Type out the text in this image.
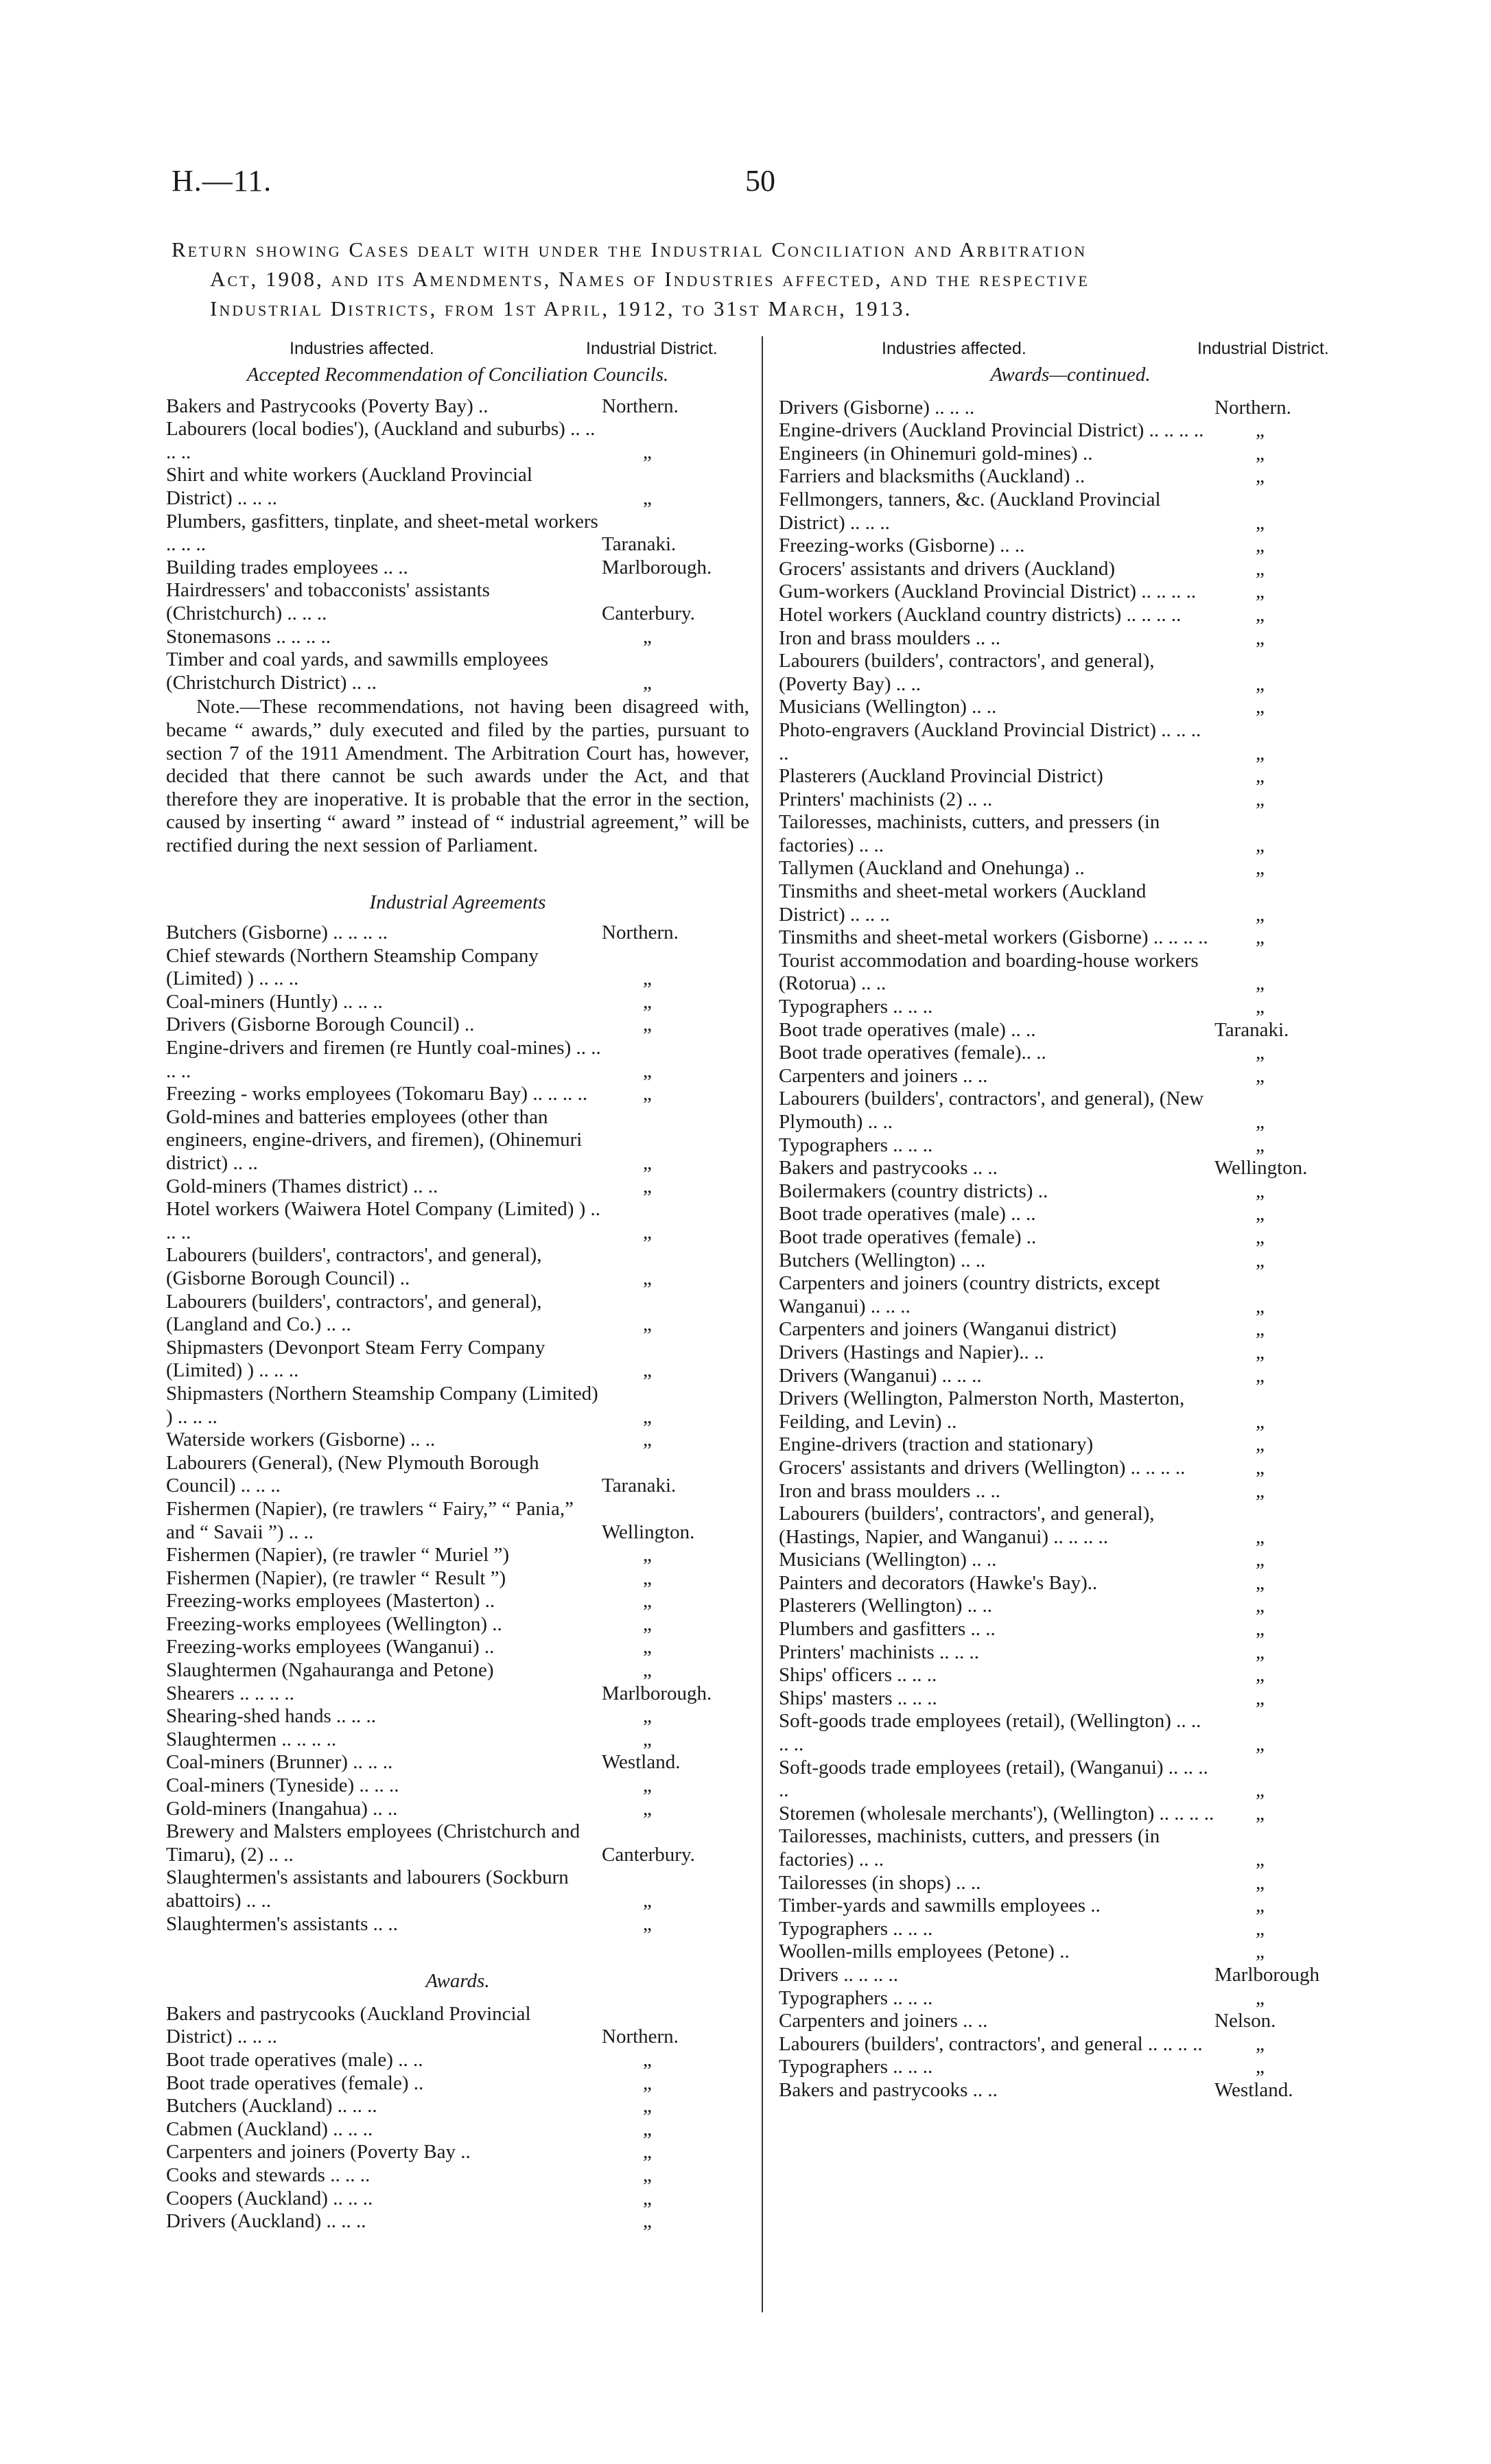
H.—11.	50
Return showing Cases dealt with under the Industrial Conciliation and Arbitration
Act, 1908, and its Amendments, Names of Industries affected, and the respective
Industrial Districts, from 1st April, 1912, to 31st March, 1913.
Industries affected.	Industrial District.
Accepted Recommendation of Conciliation Councils.
Bakers and Pastrycooks (Poverty Bay) ..	Northern.
Labourers (local bodies'), (Auckland and suburbs) .. .. .. ..	„
Shirt and white workers (Auckland Provincial District) .. .. ..	„
Plumbers, gasfitters, tinplate, and sheet-metal workers .. .. ..	Taranaki.
Building trades employees .. ..	Marlborough.
Hairdressers' and tobacconists' assistants (Christchurch) .. .. ..	Canterbury.
Stonemasons .. .. .. ..	„
Timber and coal yards, and sawmills employees (Christchurch District) .. ..	„
Note.—These recommendations, not having been disagreed with, became “ awards,” duly executed and filed by the parties, pursuant to section 7 of the 1911 Amendment. The Arbitration Court has, however, decided that there cannot be such awards under the Act, and that therefore they are inoperative. It is probable that the error in the section, caused by inserting “ award ” instead of “ industrial agreement,” will be rectified during the next session of Parliament.
Industrial Agreements
Butchers (Gisborne) .. .. .. ..	Northern.
Chief stewards (Northern Steamship Company (Limited) ) .. .. ..	„
Coal-miners (Huntly) .. .. ..	„
Drivers (Gisborne Borough Council) ..	„
Engine-drivers and firemen (re Huntly coal-mines) .. .. .. ..	„
Freezing - works employees (Tokomaru Bay) .. .. .. ..	„
Gold-mines and batteries employees (other than engineers, engine-drivers, and firemen), (Ohinemuri district) .. ..	„
Gold-miners (Thames district) .. ..	„
Hotel workers (Waiwera Hotel Company (Limited) ) .. .. ..	„
Labourers (builders', contractors', and general), (Gisborne Borough Council) ..	„
Labourers (builders', contractors', and general), (Langland and Co.) .. ..	„
Shipmasters (Devonport Steam Ferry Company (Limited) ) .. .. ..	„
Shipmasters (Northern Steamship Company (Limited) ) .. .. ..	„
Waterside workers (Gisborne) .. ..	„
Labourers (General), (New Plymouth Borough Council) .. .. ..	Taranaki.
Fishermen (Napier), (re trawlers “ Fairy,” “ Pania,” and “ Savaii ”) .. ..	Wellington.
Fishermen (Napier), (re trawler “ Muriel ”)	„
Fishermen (Napier), (re trawler “ Result ”)	„
Freezing-works employees (Masterton) ..	„
Freezing-works employees (Wellington) ..	„
Freezing-works employees (Wanganui) ..	„
Slaughtermen (Ngahauranga and Petone)	„
Shearers .. .. .. ..	Marlborough.
Shearing-shed hands .. .. ..	„
Slaughtermen .. .. .. ..	„
Coal-miners (Brunner) .. .. ..	Westland.
Coal-miners (Tyneside) .. .. ..	„
Gold-miners (Inangahua) .. ..	„
Brewery and Malsters employees (Christchurch and Timaru), (2) .. ..	Canterbury.
Slaughtermen's assistants and labourers (Sockburn abattoirs) .. ..	„
Slaughtermen's assistants .. ..	„
Awards.
Bakers and pastrycooks (Auckland Provincial District) .. .. ..	Northern.
Boot trade operatives (male) .. ..	„
Boot trade operatives (female) ..	„
Butchers (Auckland) .. .. ..	„
Cabmen (Auckland) .. .. ..	„
Carpenters and joiners (Poverty Bay ..	„
Cooks and stewards .. .. ..	„
Coopers (Auckland) .. .. ..	„
Drivers (Auckland) .. .. ..	„
Industries affected.	Industrial District.
Awards—continued.
Drivers (Gisborne) .. .. ..	Northern.
Engine-drivers (Auckland Provincial District) .. .. .. ..	„
Engineers (in Ohinemuri gold-mines) ..	„
Farriers and blacksmiths (Auckland) ..	„
Fellmongers, tanners, &c. (Auckland Provincial District) .. .. ..	„
Freezing-works (Gisborne) .. ..	„
Grocers' assistants and drivers (Auckland)	„
Gum-workers (Auckland Provincial District) .. .. .. ..	„
Hotel workers (Auckland country districts) .. .. .. ..	„
Iron and brass moulders .. ..	„
Labourers (builders', contractors', and general), (Poverty Bay) .. ..	„
Musicians (Wellington) .. ..	„
Photo-engravers (Auckland Provincial District) .. .. .. ..	„
Plasterers (Auckland Provincial District)	„
Printers' machinists (2) .. ..	„
Tailoresses, machinists, cutters, and pressers (in factories) .. ..	„
Tallymen (Auckland and Onehunga) ..	„
Tinsmiths and sheet-metal workers (Auckland District) .. .. ..	„
Tinsmiths and sheet-metal workers (Gisborne) .. .. .. ..	„
Tourist accommodation and boarding-house workers (Rotorua) .. ..	„
Typographers .. .. ..	„
Boot trade operatives (male) .. ..	Taranaki.
Boot trade operatives (female).. ..	„
Carpenters and joiners .. ..	„
Labourers (builders', contractors', and general), (New Plymouth) .. ..	„
Typographers .. .. ..	„
Bakers and pastrycooks .. ..	Wellington.
Boilermakers (country districts) ..	„
Boot trade operatives (male) .. ..	„
Boot trade operatives (female) ..	„
Butchers (Wellington) .. ..	„
Carpenters and joiners (country districts, except Wanganui) .. .. ..	„
Carpenters and joiners (Wanganui district)	„
Drivers (Hastings and Napier).. ..	„
Drivers (Wanganui) .. .. ..	„
Drivers (Wellington, Palmerston North, Masterton, Feilding, and Levin) ..	„
Engine-drivers (traction and stationary)	„
Grocers' assistants and drivers (Wellington) .. .. .. ..	„
Iron and brass moulders .. ..	„
Labourers (builders', contractors', and general), (Hastings, Napier, and Wanganui) .. .. .. ..	„
Musicians (Wellington) .. ..	„
Painters and decorators (Hawke's Bay)..	„
Plasterers (Wellington) .. ..	„
Plumbers and gasfitters .. ..	„
Printers' machinists .. .. ..	„
Ships' officers .. .. ..	„
Ships' masters .. .. ..	„
Soft-goods trade employees (retail), (Wellington) .. .. .. ..	„
Soft-goods trade employees (retail), (Wanganui) .. .. .. ..	„
Storemen (wholesale merchants'), (Wellington) .. .. .. ..	„
Tailoresses, machinists, cutters, and pressers (in factories) .. ..	„
Tailoresses (in shops) .. ..	„
Timber-yards and sawmills employees ..	„
Typographers .. .. ..	„
Woollen-mills employees (Petone) ..	„
Drivers .. .. .. ..	Marlborough
Typographers .. .. ..	„
Carpenters and joiners .. ..	Nelson.
Labourers (builders', contractors', and general .. .. .. ..	„
Typographers .. .. ..	„
Bakers and pastrycooks .. ..	Westland.
